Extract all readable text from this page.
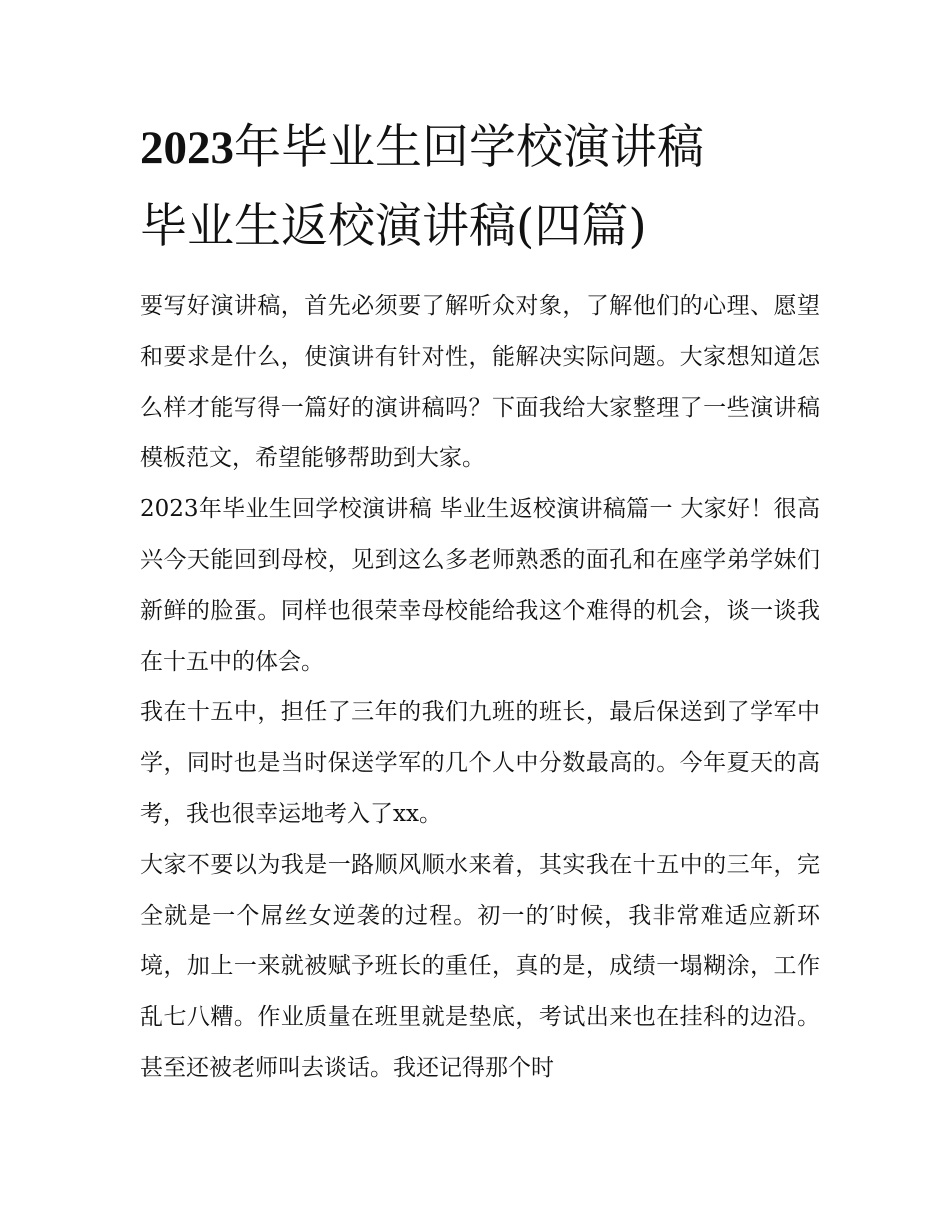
2023年毕业生回学校演讲稿
毕业生返校演讲稿(四篇)

要写好演讲稿，首先必须要了解听众对象，了解他们的心理、愿望和要求是什么，使演讲有针对性，能解决实际问题。大家想知道怎么样才能写得一篇好的演讲稿吗？下面我给大家整理了一些演讲稿模板范文，希望能够帮助到大家。

2023年毕业生回学校演讲稿 毕业生返校演讲稿篇一 大家好！很高兴今天能回到母校，见到这么多老师熟悉的面孔和在座学弟学妹们新鲜的脸蛋。同样也很荣幸母校能给我这个难得的机会，谈一谈我在十五中的体会。

我在十五中，担任了三年的我们九班的班长，最后保送到了学军中学，同时也是当时保送学军的几个人中分数最高的。今年夏天的高考，我也很幸运地考入了xx。

大家不要以为我是一路顺风顺水来着，其实我在十五中的三年，完全就是一个屌丝女逆袭的过程。初一的′时候，我非常难适应新环境，加上一来就被赋予班长的重任，真的是，成绩一塌糊涂，工作乱七八糟。作业质量在班里就是垫底，考试出来也在挂科的边沿。甚至还被老师叫去谈话。我还记得那个时
